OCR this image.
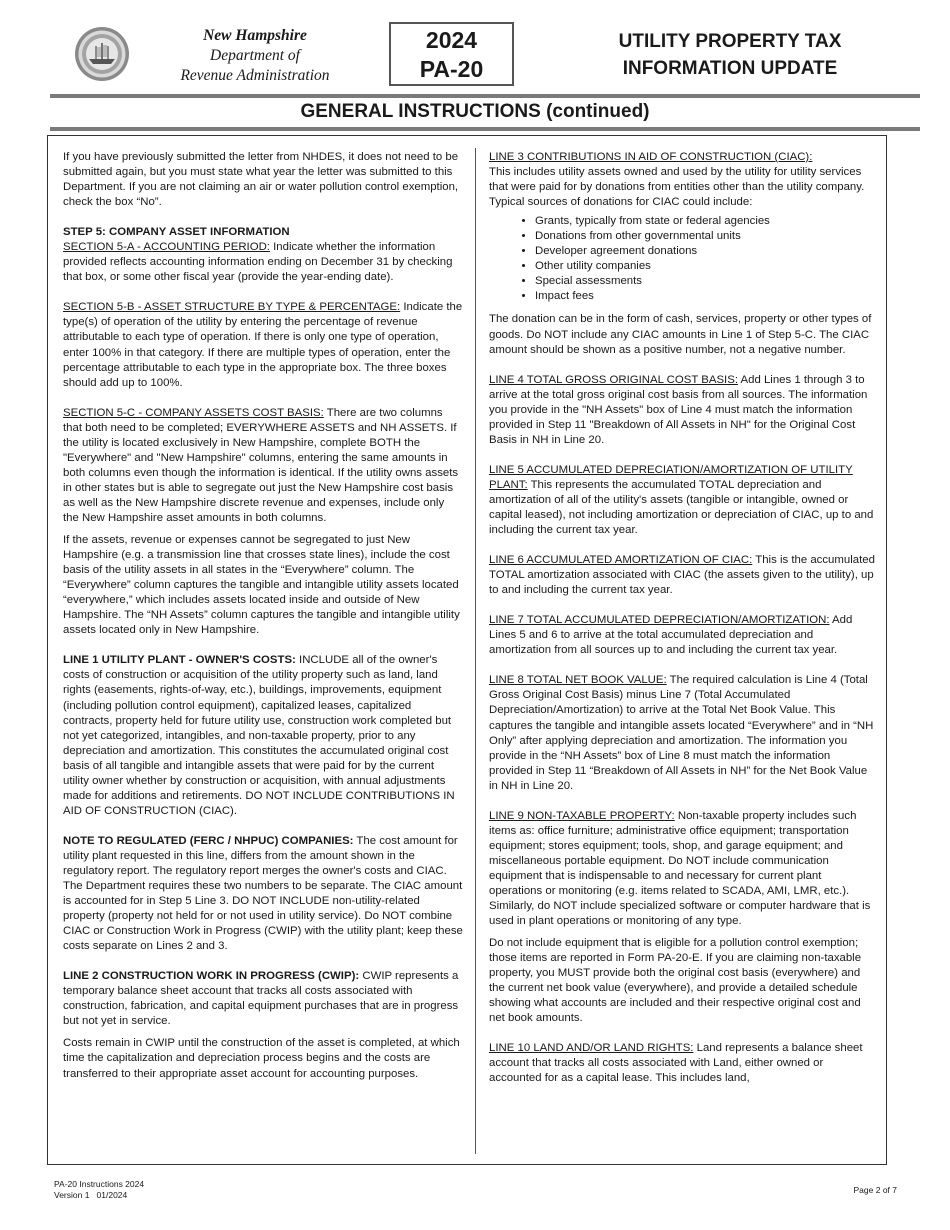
New Hampshire
Department of
Revenue Administration
2024
PA-20
UTILITY PROPERTY TAX
INFORMATION UPDATE
GENERAL INSTRUCTIONS (continued)

If you have previously submitted the letter from NHDES, it does not need to be submitted again, but you must state what year the letter was submitted to this Department. If you are not claiming an air or water pollution control exemption, check the box “No”.

STEP 5: COMPANY ASSET INFORMATION
SECTION 5-A - ACCOUNTING PERIOD: Indicate whether the information provided reflects accounting information ending on December 31 by checking that box, or some other fiscal year (provide the year-ending date).

SECTION 5-B - ASSET STRUCTURE BY TYPE & PERCENTAGE: Indicate the type(s) of operation of the utility by entering the percentage of revenue attributable to each type of operation. If there is only one type of operation, enter 100% in that category. If there are multiple types of operation, enter the percentage attributable to each type in the appropriate box. The three boxes should add up to 100%.

SECTION 5-C - COMPANY ASSETS COST BASIS: There are two columns that both need to be completed; EVERYWHERE ASSETS and NH ASSETS. If the utility is located exclusively in New Hampshire, complete BOTH the "Everywhere" and "New Hampshire" columns, entering the same amounts in both columns even though the information is identical. If the utility owns assets in other states but is able to segregate out just the New Hampshire cost basis as well as the New Hampshire discrete revenue and expenses, include only the New Hampshire asset amounts in both columns.

If the assets, revenue or expenses cannot be segregated to just New Hampshire (e.g. a transmission line that crosses state lines), include the cost basis of the utility assets in all states in the “Everywhere” column. The “Everywhere” column captures the tangible and intangible utility assets located “everywhere,” which includes assets located inside and outside of New Hampshire. The “NH Assets” column captures the tangible and intangible utility assets located only in New Hampshire.

LINE 1 UTILITY PLANT - OWNER'S COSTS: INCLUDE all of the owner's costs of construction or acquisition of the utility property such as land, land rights (easements, rights-of-way, etc.), buildings, improvements, equipment (including pollution control equipment), capitalized leases, capitalized contracts, property held for future utility use, construction work completed but not yet categorized, intangibles, and non-taxable property, prior to any depreciation and amortization. This constitutes the accumulated original cost basis of all tangible and intangible assets that were paid for by the current utility owner whether by construction or acquisition, with annual adjustments made for additions and retirements. DO NOT INCLUDE CONTRIBUTIONS IN AID OF CONSTRUCTION (CIAC).

NOTE TO REGULATED (FERC / NHPUC) COMPANIES: The cost amount for utility plant requested in this line, differs from the amount shown in the regulatory report. The regulatory report merges the owner's costs and CIAC. The Department requires these two numbers to be separate. The CIAC amount is accounted for in Step 5 Line 3. DO NOT INCLUDE non-utility-related property (property not held for or not used in utility service). Do NOT combine CIAC or Construction Work in Progress (CWIP) with the utility plant; keep these costs separate on Lines 2 and 3.

LINE 2 CONSTRUCTION WORK IN PROGRESS (CWIP): CWIP represents a temporary balance sheet account that tracks all costs associated with construction, fabrication, and capital equipment purchases that are in progress but not yet in service.

Costs remain in CWIP until the construction of the asset is completed, at which time the capitalization and depreciation process begins and the costs are transferred to their appropriate asset account for accounting purposes.

LINE 3 CONTRIBUTIONS IN AID OF CONSTRUCTION (CIAC):
This includes utility assets owned and used by the utility for utility services that were paid for by donations from entities other than the utility company. Typical sources of donations for CIAC could include:

• Grants, typically from state or federal agencies
• Donations from other governmental units
• Developer agreement donations
• Other utility companies
• Special assessments
• Impact fees

The donation can be in the form of cash, services, property or other types of goods. Do NOT include any CIAC amounts in Line 1 of Step 5-C. The CIAC amount should be shown as a positive number, not a negative number.

LINE 4 TOTAL GROSS ORIGINAL COST BASIS: Add Lines 1 through 3 to arrive at the total gross original cost basis from all sources. The information you provide in the "NH Assets" box of Line 4 must match the information provided in Step 11 "Breakdown of All Assets in NH" for the Original Cost Basis in NH in Line 20.

LINE 5 ACCUMULATED DEPRECIATION/AMORTIZATION OF UTILITY PLANT: This represents the accumulated TOTAL depreciation and amortization of all of the utility's assets (tangible or intangible, owned or capital leased), not including amortization or depreciation of CIAC, up to and including the current tax year.

LINE 6 ACCUMULATED AMORTIZATION OF CIAC: This is the accumulated TOTAL amortization associated with CIAC (the assets given to the utility), up to and including the current tax year.

LINE 7 TOTAL ACCUMULATED DEPRECIATION/AMORTIZATION: Add Lines 5 and 6 to arrive at the total accumulated depreciation and amortization from all sources up to and including the current tax year.

LINE 8 TOTAL NET BOOK VALUE: The required calculation is Line 4 (Total Gross Original Cost Basis) minus Line 7 (Total Accumulated Depreciation/Amortization) to arrive at the Total Net Book Value. This captures the tangible and intangible assets located “Everywhere” and in “NH Only” after applying depreciation and amortization. The information you provide in the “NH Assets” box of Line 8 must match the information provided in Step 11 “Breakdown of All Assets in NH” for the Net Book Value in NH in Line 20.

LINE 9 NON-TAXABLE PROPERTY: Non-taxable property includes such items as: office furniture; administrative office equipment; transportation equipment; stores equipment; tools, shop, and garage equipment; and miscellaneous portable equipment. Do NOT include communication equipment that is indispensable to and necessary for current plant operations or monitoring (e.g. items related to SCADA, AMI, LMR, etc.). Similarly, do NOT include specialized software or computer hardware that is used in plant operations or monitoring of any type.

Do not include equipment that is eligible for a pollution control exemption; those items are reported in Form PA-20-E. If you are claiming non-taxable property, you MUST provide both the original cost basis (everywhere) and the current net book value (everywhere), and provide a detailed schedule showing what accounts are included and their respective original cost and net book amounts.

LINE 10 LAND AND/OR LAND RIGHTS: Land represents a balance sheet account that tracks all costs associated with Land, either owned or accounted for as a capital lease. This includes land,

PA-20 Instructions 2024
Version 1   01/2024	Page 2 of 7
